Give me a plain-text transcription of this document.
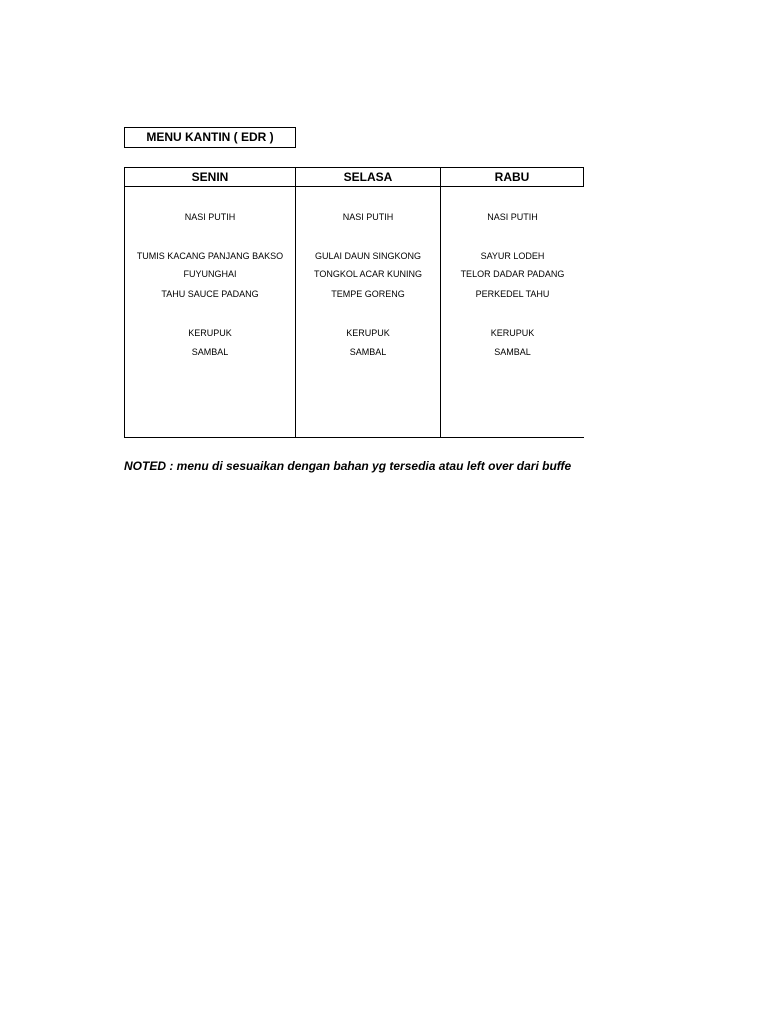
MENU KANTIN ( EDR )
SENIN
NASI PUTIH
TUMIS KACANG PANJANG BAKSO
FUYUNGHAI
TAHU SAUCE PADANG
KERUPUK
SAMBAL
SELASA
NASI PUTIH
GULAI DAUN SINGKONG
TONGKOL ACAR KUNING
TEMPE GORENG
KERUPUK
SAMBAL
RABU
NASI PUTIH
SAYUR LODEH
TELOR DADAR PADANG
PERKEDEL TAHU
KERUPUK
SAMBAL
NOTED : menu di sesuaikan dengan bahan yg tersedia atau left over dari buffe
